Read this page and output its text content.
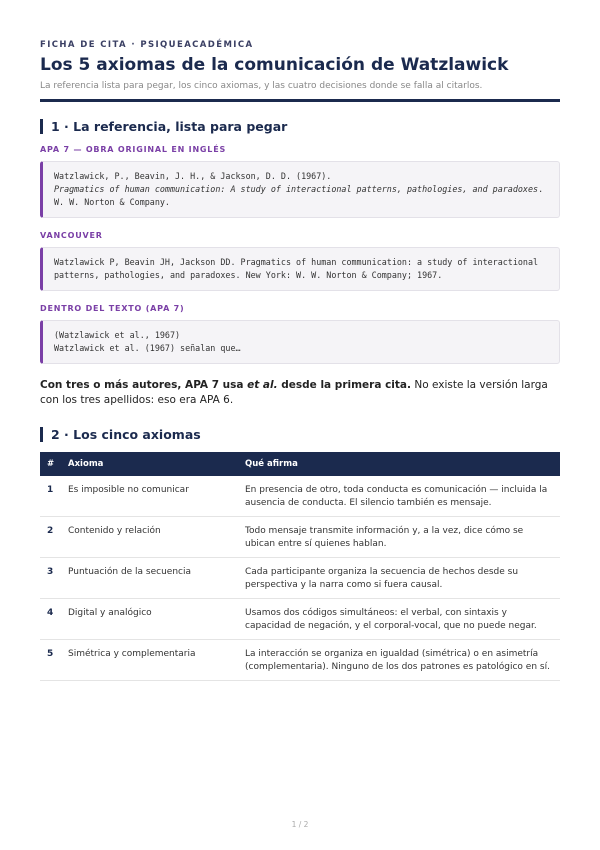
FICHA DE CITA · PSIQUEACADÉMICA
Los 5 axiomas de la comunicación de Watzlawick
La referencia lista para pegar, los cinco axiomas, y las cuatro decisiones donde se falla al citarlos.
1 · La referencia, lista para pegar
APA 7 — OBRA ORIGINAL EN INGLÉS
Watzlawick, P., Beavin, J. H., & Jackson, D. D. (1967).
Pragmatics of human communication: A study of interactional patterns, pathologies, and paradoxes. W. W. Norton & Company.
VANCOUVER
Watzlawick P, Beavin JH, Jackson DD. Pragmatics of human communication: a study of interactional patterns, pathologies, and paradoxes. New York: W. W. Norton & Company; 1967.
DENTRO DEL TEXTO (APA 7)
(Watzlawick et al., 1967)
Watzlawick et al. (1967) señalan que…

Con tres o más autores, APA 7 usa et al. desde la primera cita. No existe la versión larga con los tres apellidos: eso era APA 6.

2 · Los cinco axiomas
#	Axioma	Qué afirma
1	Es imposible no comunicar	En presencia de otro, toda conducta es comunicación — incluida la ausencia de conducta. El silencio también es mensaje.
2	Contenido y relación	Todo mensaje transmite información y, a la vez, dice cómo se ubican entre sí quienes hablan.
3	Puntuación de la secuencia	Cada participante organiza la secuencia de hechos desde su perspectiva y la narra como si fuera causal.
4	Digital y analógico	Usamos dos códigos simultáneos: el verbal, con sintaxis y capacidad de negación, y el corporal-vocal, que no puede negar.
5	Simétrica y complementaria	La interacción se organiza en igualdad (simétrica) o en asimetría (complementaria). Ninguno de los dos patrones es patológico en sí.
1 / 2
